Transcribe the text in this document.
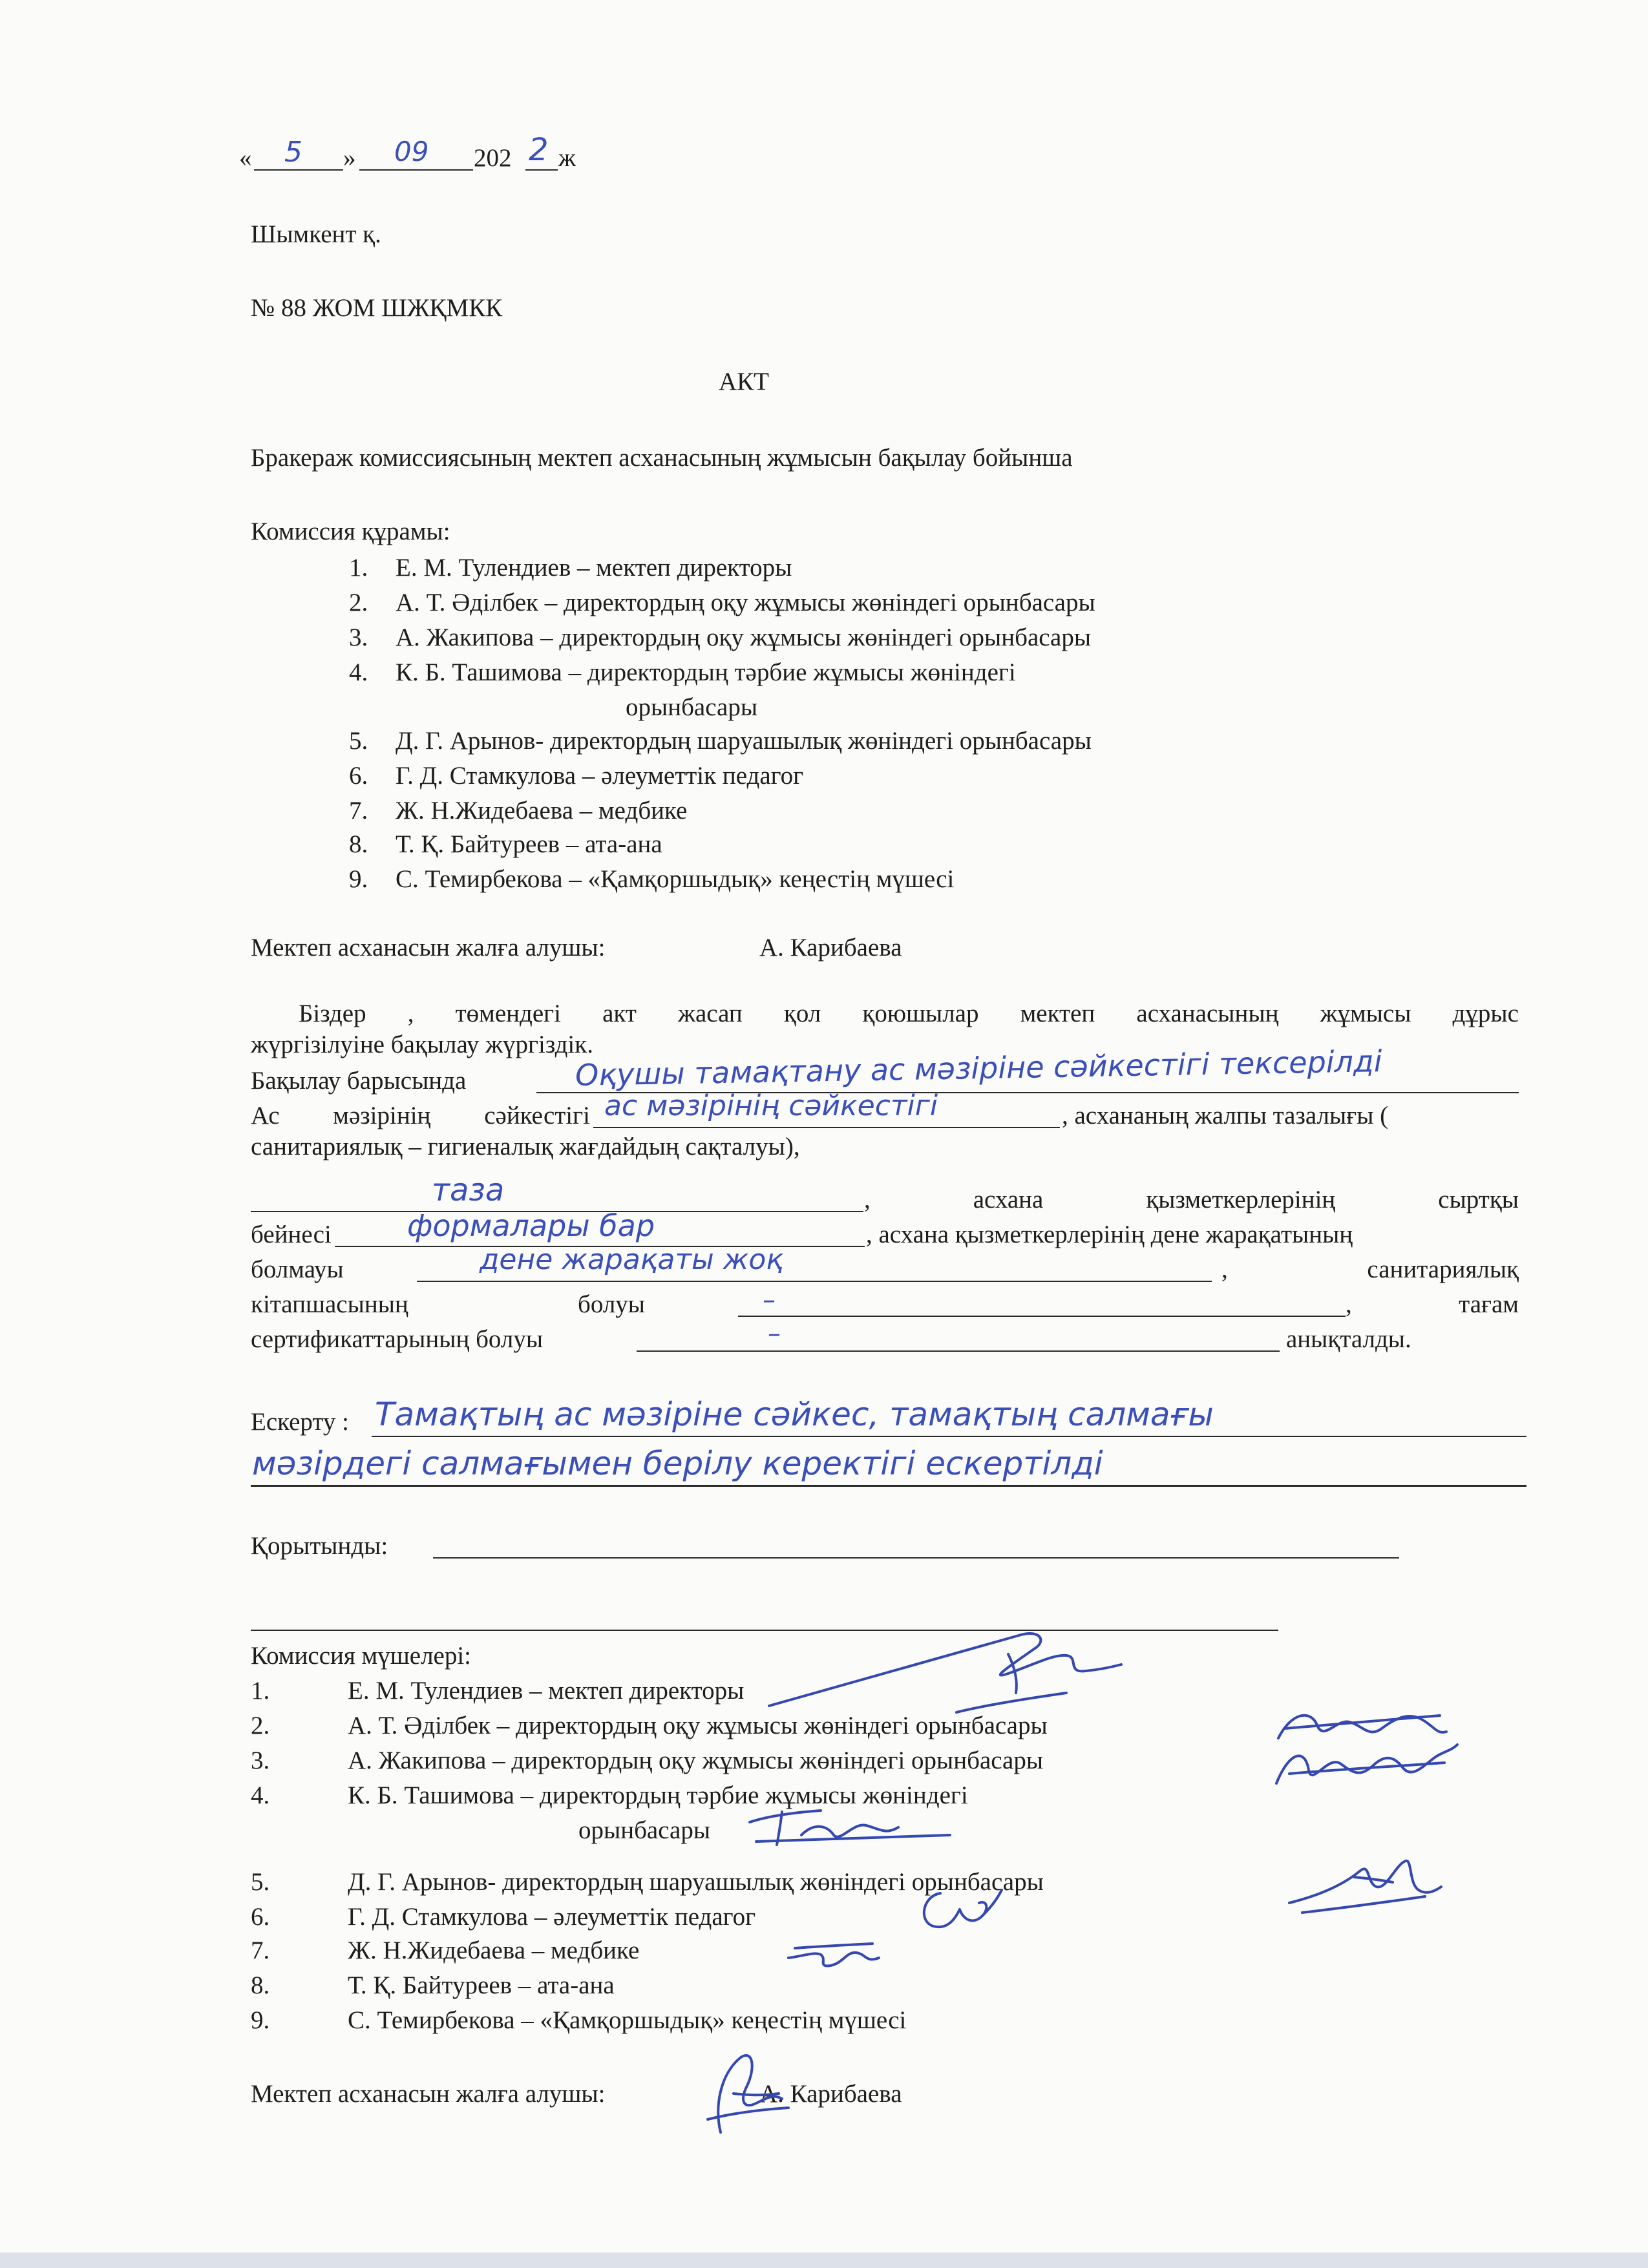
« 5 » 09 202 2 ж
Шымкент қ.
№ 88 ЖОМ ШЖҚМКК
АКТ
Бракераж комиссиясының мектеп асханасының жұмысын бақылау бойынша
Комиссия құрамы:
1. Е. М. Тулендиев – мектеп директоры
2. А. Т. Әділбек – директордың оқу жұмысы жөніндегі орынбасары
3. А. Жакипова – директордың оқу жұмысы жөніндегі орынбасары
4. К. Б. Ташимова – директордың тәрбие жұмысы жөніндегі
орынбасары
5. Д. Г. Арынов- директордың шаруашылық жөніндегі орынбасары
6. Г. Д. Стамкулова – әлеуметтік педагог
7. Ж. Н.Жидебаева – медбике
8. Т. Қ. Байтуреев – ата-ана
9. С. Темирбекова – «Қамқоршыдық» кеңестің мүшесі
Мектеп асханасын жалға алушы:	А. Карибаева
Біздер , төмендегі акт жасап қол қоюшылар мектеп асханасының жұмысы дұрыс
жүргізілуіне бақылау жүргіздік.
Бақылау барысында	Оқушы тамақтану ас мәзіріне сәйкестігі тексерілді
Ас мәзірінің сәйкестігі ас мәзірінің сәйкестігі	, асхананың жалпы тазалығы (
санитариялық – гигиеналық жағдайдың сақталуы),
таза	,	асхана	қызметкерлерінің	сыртқы
бейнесі	формалары бар	, асхана қызметкерлерінің дене жарақатының
болмауы	дене жарақаты жоқ	,	санитариялық
кітапшасының	болуы	–	,	тағам
сертификаттарының болуы	–	анықталды.
Ескерту : Тамақтың ас мәзіріне сәйкес, тамақтың салмағы
мәзірдегі салмағымен берілу керектігі ескертілді
Қорытынды:
Комиссия мүшелері:
1.	Е. М. Тулендиев – мектеп директоры
2.	А. Т. Әділбек – директордың оқу жұмысы жөніндегі орынбасары
3.	А. Жакипова – директордың оқу жұмысы жөніндегі орынбасары
4.	К. Б. Ташимова – директордың тәрбие жұмысы жөніндегі
орынбасары
5.	Д. Г. Арынов- директордың шаруашылық жөніндегі орынбасары
6.	Г. Д. Стамкулова – әлеуметтік педагог
7.	Ж. Н.Жидебаева – медбике
8.	Т. Қ. Байтуреев – ата-ана
9.	С. Темирбекова – «Қамқоршыдық» кеңестің мүшесі
Мектеп асханасын жалға алушы:	А. Карибаева
